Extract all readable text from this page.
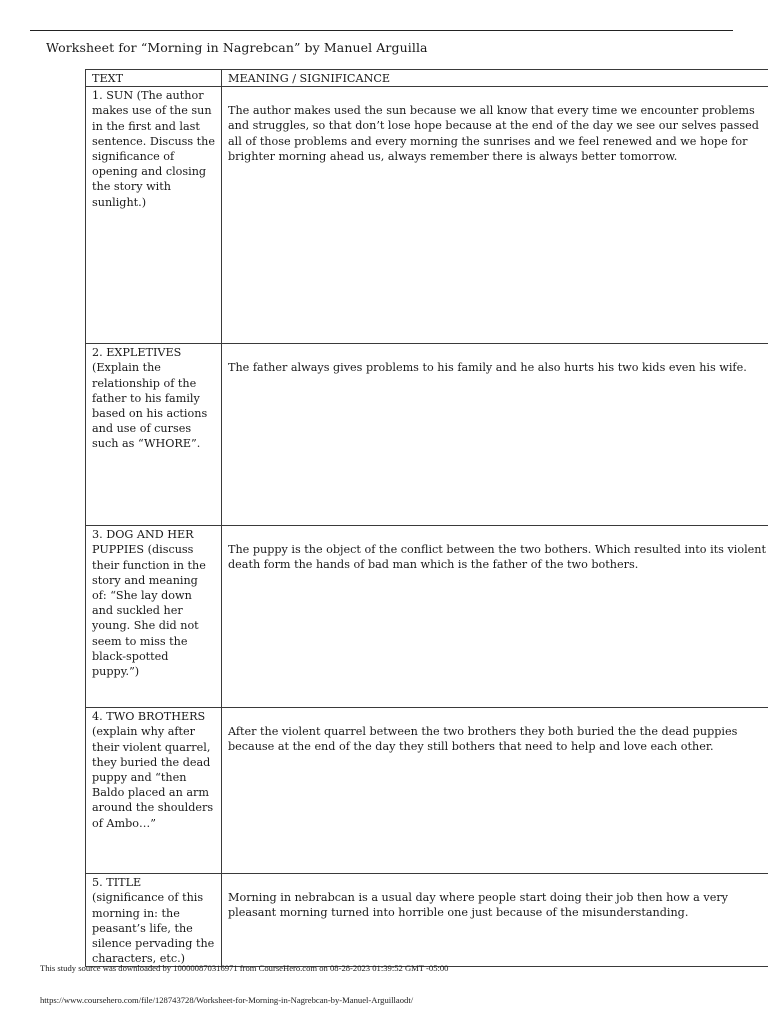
Worksheet for “Morning in Nagrebcan” by Manuel Arguilla
TEXT	MEANING / SIGNIFICANCE
1. SUN (The author makes use of the sun in the first and last sentence. Discuss the significance of opening and closing the story with sunlight.)	The author makes used the sun because we all know that every time we encounter problems and struggles, so that don’t lose hope because at the end of the day we see our selves passed all of those problems and every morning the sunrises and we feel renewed and we hope for brighter morning ahead us, always remember there is always better tomorrow.

2. EXPLETIVES (Explain the relationship of the father to his family based on his actions and use of curses such as “WHORE”.	The father always gives problems to his family and he also hurts his two kids even his wife.

3. DOG AND HER PUPPIES (discuss their function in the story and meaning of: “She lay down and suckled her young. She did not seem to miss the black-spotted puppy.”)	The puppy is the object of the conflict between the two bothers. Which resulted into its violent death form the hands of bad man which is the father of the two bothers.

4. TWO BROTHERS (explain why after their violent quarrel, they buried the dead puppy and “then Baldo placed an arm around the shoulders of Ambo…”	After the violent quarrel between the two brothers they both buried the the dead puppies because at the end of the day they still bothers that need to help and love each other.

5. TITLE (significance of this morning in: the peasant’s life, the silence pervading the characters, etc.)	Morning in nebrabcan is a usual day where people start doing their job then how a very pleasant morning turned into horrible one just because of the misunderstanding.
This study source was downloaded by 100000870316971 from CourseHero.com on 08-28-2023 01:39:52 GMT -05:00
https://www.coursehero.com/file/128743728/Worksheet-for-Morning-in-Nagrebcan-by-Manuel-Arguillaodt/
